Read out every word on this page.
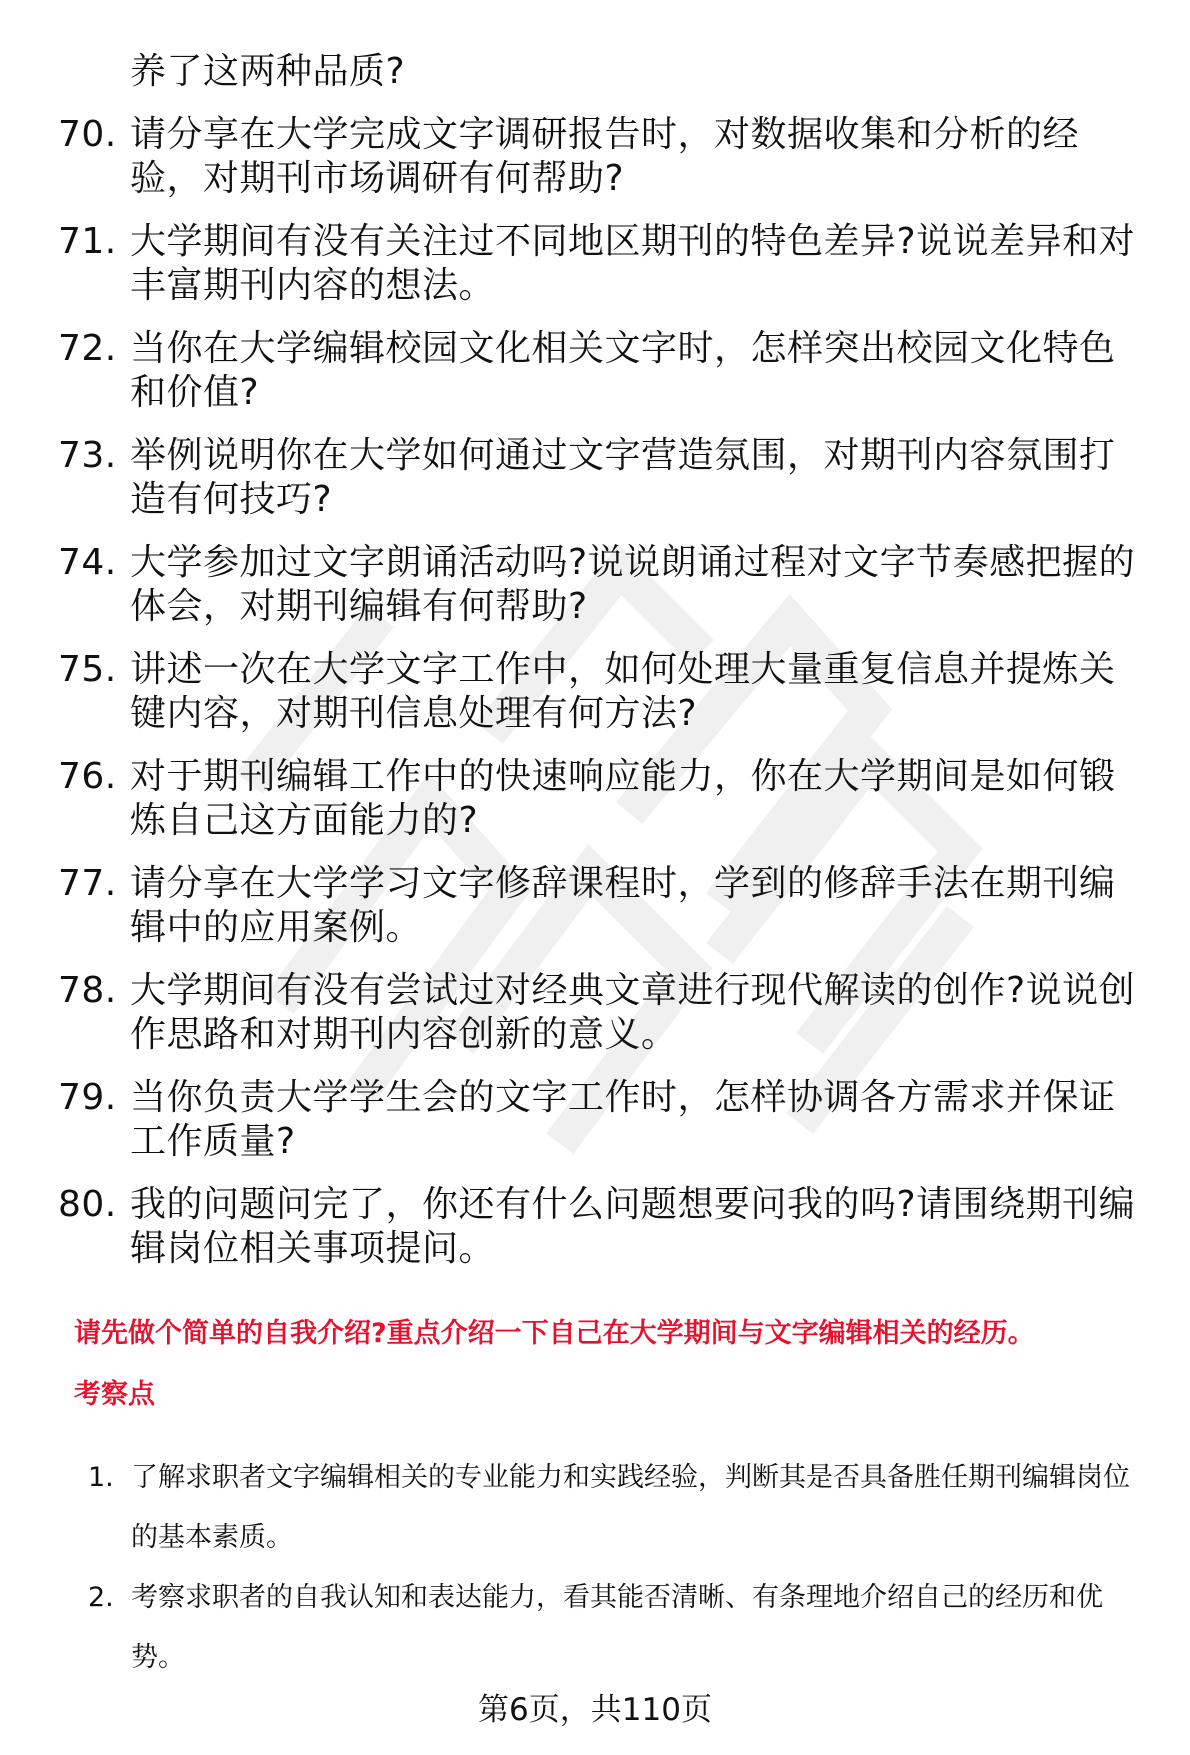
养了这两种品质?
70. 请分享在大学完成文字调研报告时，对数据收集和分析的经验，对期刊市场调研有何帮助?
71. 大学期间有没有关注过不同地区期刊的特色差异?说说差异和对丰富期刊内容的想法。
72. 当你在大学编辑校园文化相关文字时，怎样突出校园文化特色和价值?
73. 举例说明你在大学如何通过文字营造氛围，对期刊内容氛围打造有何技巧?
74. 大学参加过文字朗诵活动吗?说说朗诵过程对文字节奏感把握的体会，对期刊编辑有何帮助?
75. 讲述一次在大学文字工作中，如何处理大量重复信息并提炼关键内容，对期刊信息处理有何方法?
76. 对于期刊编辑工作中的快速响应能力，你在大学期间是如何锻炼自己这方面能力的?
77. 请分享在大学学习文字修辞课程时，学到的修辞手法在期刊编辑中的应用案例。
78. 大学期间有没有尝试过对经典文章进行现代解读的创作?说说创作思路和对期刊内容创新的意义。
79. 当你负责大学学生会的文字工作时，怎样协调各方需求并保证工作质量?
80. 我的问题问完了，你还有什么问题想要问我的吗?请围绕期刊编辑岗位相关事项提问。
请先做个简单的自我介绍?重点介绍一下自己在大学期间与文字编辑相关的经历。
考察点
1. 了解求职者文字编辑相关的专业能力和实践经验，判断其是否具备胜任期刊编辑岗位的基本素质。
2. 考察求职者的自我认知和表达能力，看其能否清晰、有条理地介绍自己的经历和优势。
第6页，共110页
